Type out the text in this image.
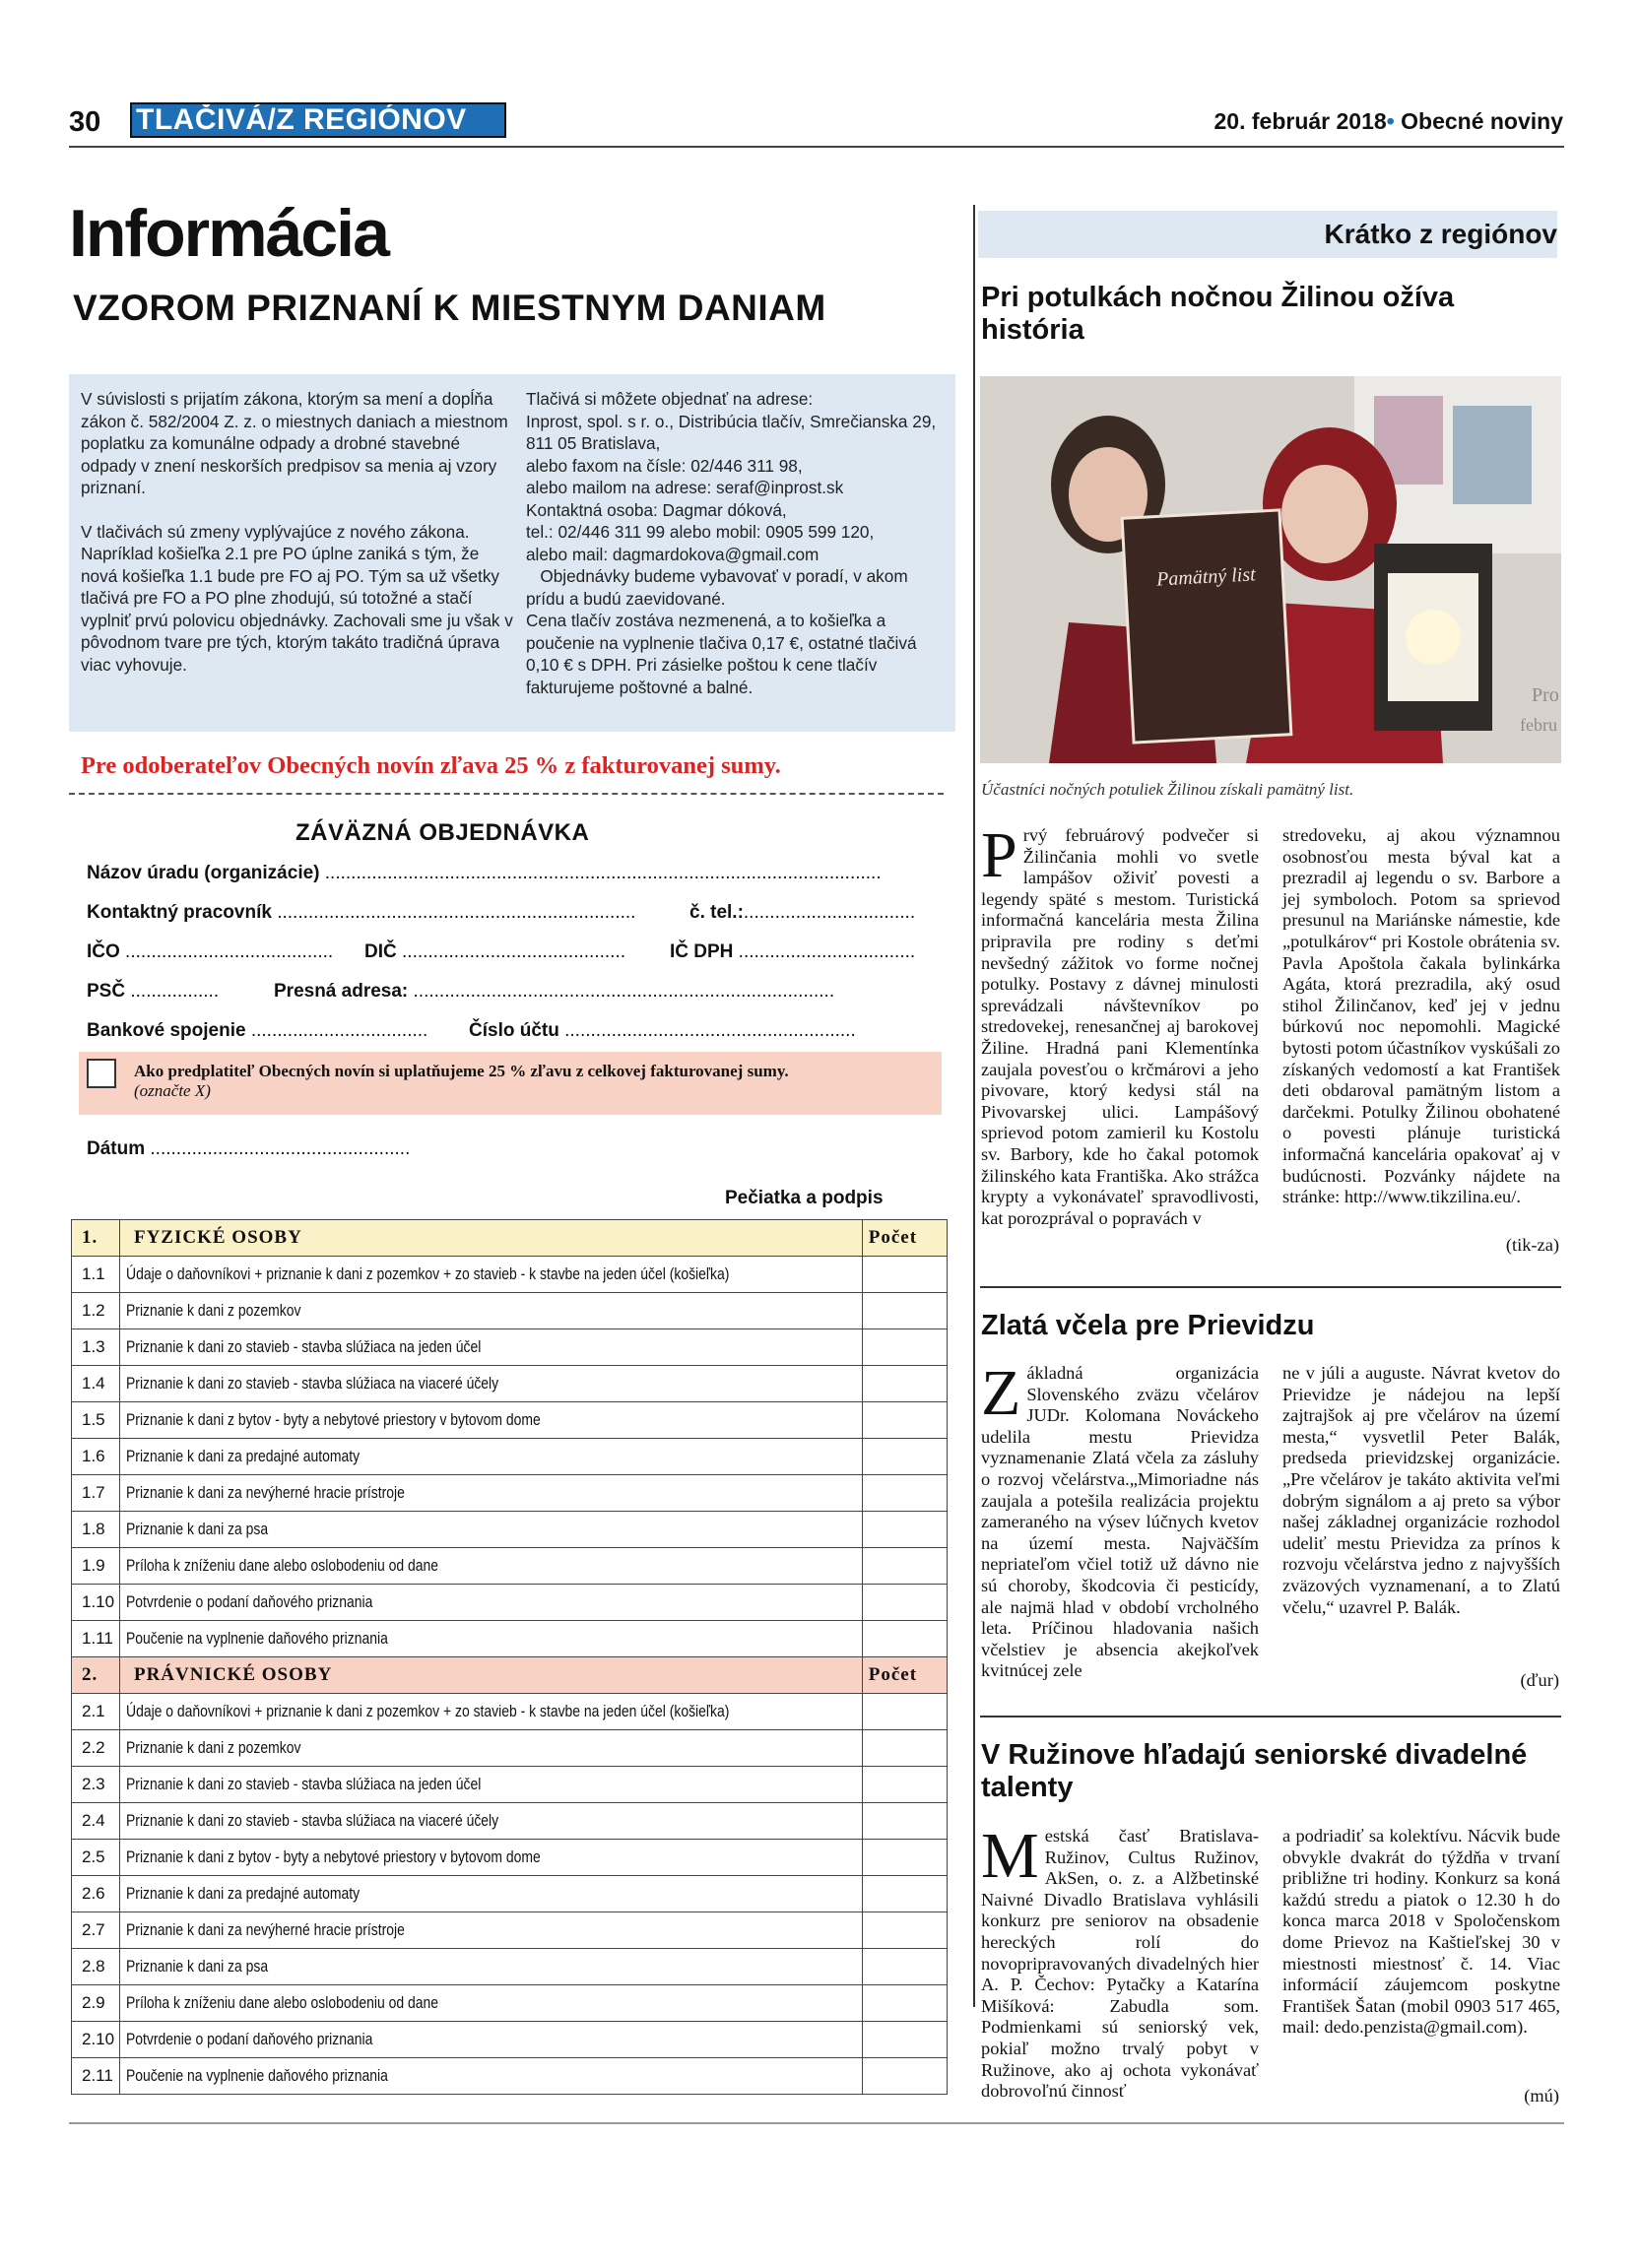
30 TLAČIVÁ/Z REGIÓNOV	20. február 2018• Obecné noviny
Informácia
VZOROM PRIZNANÍ K MIESTNYM DANIAM

V súvislosti s prijatím zákona, ktorým sa mení a dopĺňa zákon č. 582/2004 Z. z. o miestnych daniach a miestnom poplatku za komunálne odpady a drobné stavebné odpady v znení neskorších predpisov sa menia aj vzory priznaní.

V tlačivách sú zmeny vyplývajúce z nového zákona. Napríklad košieľka 2.1 pre PO úplne zaniká s tým, že nová košieľka 1.1 bude pre FO aj PO. Tým sa už všetky tlačivá pre FO a PO plne zhodujú, sú totožné a stačí vyplniť prvú polovicu objednávky. Zachovali sme ju však v pôvodnom tvare pre tých, ktorým takáto tradičná úprava viac vyhovuje.

Tlačivá si môžete objednať na adrese:

Inprost, spol. s r. o., Distribúcia tlačív, Smrečianska 29, 811 05 Bratislava,

alebo faxom na čísle: 02/446 311 98,

alebo mailom na adrese: seraf@inprost.sk

Kontaktná osoba: Dagmar dóková,

tel.: 02/446 311 99 alebo mobil: 0905 599 120,

alebo mail: dagmardokova@gmail.com

Objednávky budeme vybavovať v poradí, v akom prídu a budú zaevidované.

Cena tlačív zostáva nezmenená, a to košieľka a poučenie na vyplnenie tlačiva 0,17 €, ostatné tlačivá 0,10 € s DPH. Pri zásielke poštou k cene tlačív fakturujeme poštovné a balné.

Pre odoberateľov Obecných novín zľava 25 % z fakturovanej sumy.
ZÁVÄZNÁ OBJEDNÁVKA
Názov úradu (organizácie) ...........................................................................................................
Kontaktný pracovník .....................................................................	č. tel.:.................................
IČO ........................................ DIČ ........................................... IČ DPH ..................................
PSČ .................	Presná adresa: .................................................................................
Bankové spojenie .................................. Číslo účtu ........................................................
Ako predplatiteľ Obecných novín si uplatňujeme 25 % zľavu z celkovej fakturovanej sumy.
(označte X)
Dátum ..................................................
Pečiatka a podpis
1.	FYZICKÉ OSOBY	Počet
1.1	Údaje o daňovníkovi + priznanie k dani z pozemkov + zo stavieb - k stavbe na jeden účel (košieľka)	
1.2	Priznanie k dani z pozemkov	
1.3	Priznanie k dani zo stavieb - stavba slúžiaca na jeden účel	
1.4	Priznanie k dani zo stavieb - stavba slúžiaca na viaceré účely	
1.5	Priznanie k dani z bytov - byty a nebytové priestory v bytovom dome	
1.6	Priznanie k dani za predajné automaty	
1.7	Priznanie k dani za nevýherné hracie prístroje	
1.8	Priznanie k dani za psa	
1.9	Príloha k zníženiu dane alebo oslobodeniu od dane	
1.10	Potvrdenie o podaní daňového priznania	
1.11	Poučenie na vyplnenie daňového priznania	
2.	PRÁVNICKÉ OSOBY	Počet
2.1	Údaje o daňovníkovi + priznanie k dani z pozemkov + zo stavieb - k stavbe na jeden účel (košieľka)	
2.2	Priznanie k dani z pozemkov	
2.3	Priznanie k dani zo stavieb - stavba slúžiaca na jeden účel	
2.4	Priznanie k dani zo stavieb - stavba slúžiaca na viaceré účely	
2.5	Priznanie k dani z bytov - byty a nebytové priestory v bytovom dome	
2.6	Priznanie k dani za predajné automaty	
2.7	Priznanie k dani za nevýherné hracie prístroje	
2.8	Priznanie k dani za psa	
2.9	Príloha k zníženiu dane alebo oslobodeniu od dane	
2.10	Potvrdenie o podaní daňového priznania	
2.11	Poučenie na vyplnenie daňového priznania	
Krátko z regiónov
Pri potulkách nočnou Žilinou ožíva história
Pamätný list
Pro
febru
Účastníci nočných potuliek Žilinou získali pamätný list.
Prvý februárový podvečer si Žilinčania mohli vo svetle lampášov oživiť povesti a legendy späté s mestom. Turistická informačná kancelária mesta Žilina pripravila pre rodiny s deťmi nevšedný zážitok vo forme nočnej potulky. Postavy z dávnej minulosti sprevádzali návštevníkov po stredovekej, renesančnej aj barokovej Žiline. Hradná pani Klementínka zaujala povesťou o krčmárovi a jeho pivovare, ktorý kedysi stál na Pivovarskej ulici. Lampášový sprievod potom zamieril ku Kostolu sv. Barbory, kde ho čakal potomok žilinského kata Františka. Ako strážca krypty a vykonávateľ spravodlivosti, kat porozprával o popravách v
stredoveku, aj akou významnou osobnosťou mesta býval kat a prezradil aj legendu o sv. Barbore a jej symboloch. Potom sa sprievod presunul na Mariánske námestie, kde „potulkárov“ pri Kostole obrátenia sv. Pavla Apoštola čakala bylinkárka Agáta, ktorá prezradila, aký osud stihol Žilinčanov, keď jej v jednu búrkovú noc nepomohli. Magické bytosti potom účastníkov vyskúšali zo získaných vedomostí a kat František deti obdaroval pamätným listom a darčekmi. Potulky Žilinou obohatené o povesti plánuje turistická informačná kancelária opakovať aj v budúcnosti. Pozvánky nájdete na stránke: http://www.tikzilina.eu/.
(tik-za)
Zlatá včela pre Prievidzu
Základná organizácia Slovenského zväzu včelárov JUDr. Kolomana Nováckeho udelila mestu Prievidza vyznamenanie Zlatá včela za zásluhy o rozvoj včelárstva.„Mimoriadne nás zaujala a potešila realizácia projektu zameraného na výsev lúčnych kvetov na území mesta. Najväčším nepriateľom včiel totiž už dávno nie sú choroby, škodcovia či pesticídy, ale najmä hlad v období vrcholného leta. Príčinou hladovania našich včelstiev je absencia akejkoľvek kvitnúcej zele
ne v júli a auguste. Návrat kvetov do Prievidze je nádejou na lepší zajtrajšok aj pre včelárov na území mesta,“ vysvetlil Peter Balák, predseda prievidzskej organizácie. „Pre včelárov je takáto aktivita veľmi dobrým signálom a aj preto sa výbor našej základnej organizácie rozhodol udeliť mestu Prievidza za prínos k rozvoju včelárstva jedno z najvyšších zväzových vyznamenaní, a to Zlatú včelu,“ uzavrel P. Balák.
(ďur)
V Ružinove hľadajú seniorské divadelné talenty
Mestská časť Bratislava-Ružinov, Cultus Ružinov, AkSen, o. z. a Alžbetinské Naivné Divadlo Bratislava vyhlásili konkurz pre seniorov na obsadenie hereckých rolí do novopripravovaných divadelných hier A. P. Čechov: Pytačky a Katarína Mišíková: Zabudla som. Podmienkami sú seniorský vek, pokiaľ možno trvalý pobyt v Ružinove, ako aj ochota vykonávať dobrovoľnú činnosť
a podriadiť sa kolektívu. Nácvik bude obvykle dvakrát do týždňa v trvaní približne tri hodiny. Konkurz sa koná každú stredu a piatok o 12.30 h do konca marca 2018 v Spoločenskom dome Prievoz na Kaštieľskej 30 v miestnosti miestnosť č. 14. Viac informácií záujemcom poskytne František Šatan (mobil 0903 517 465, mail: dedo.penzista@gmail.com).
(mú)
